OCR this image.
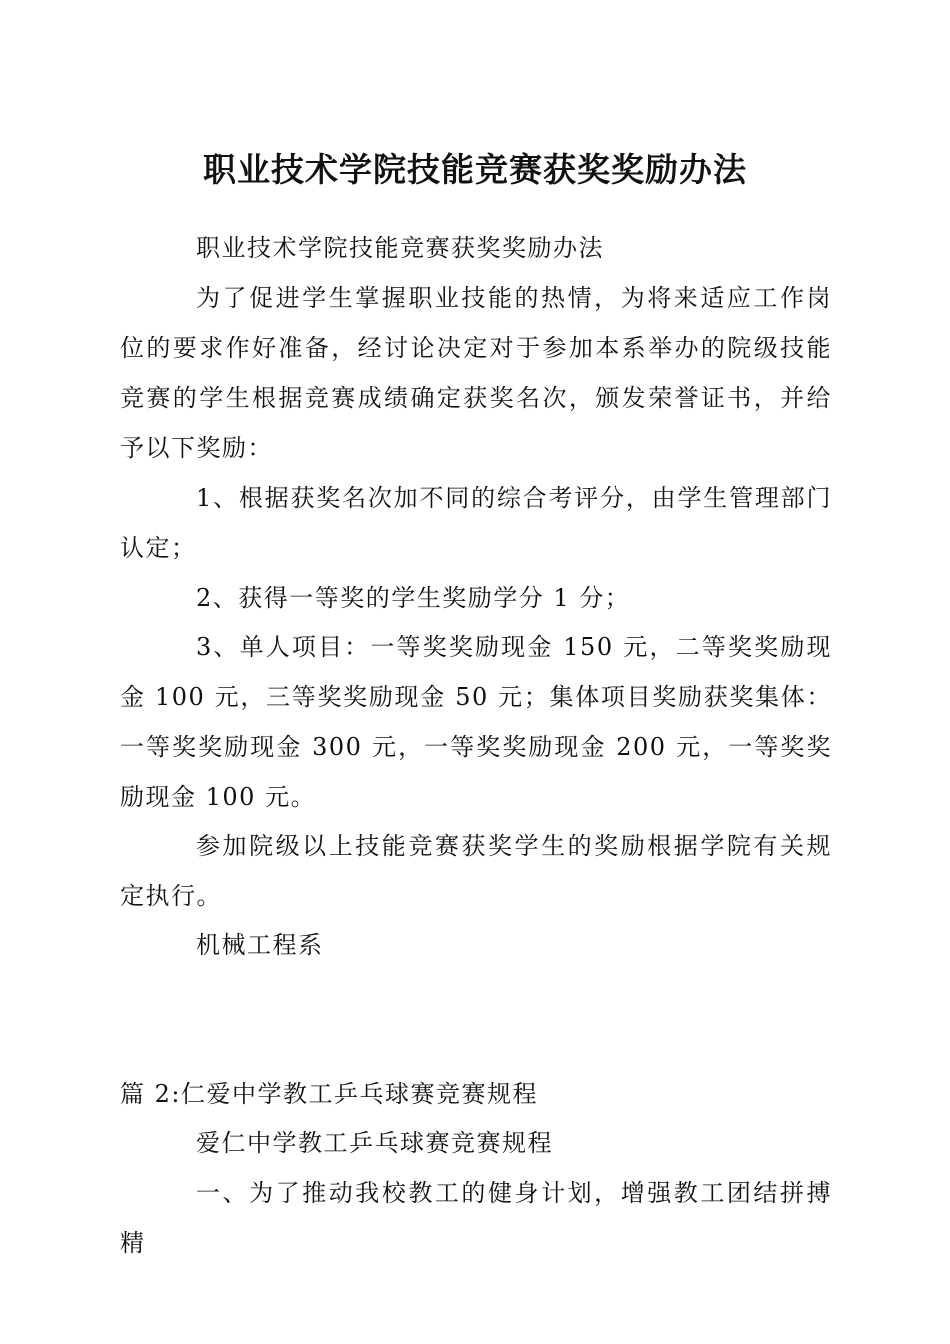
职业技术学院技能竞赛获奖奖励办法

职业技术学院技能竞赛获奖奖励办法

为了促进学生掌握职业技能的热情，为将来适应工作岗位的要求作好准备，经讨论决定对于参加本系举办的院级技能竞赛的学生根据竞赛成绩确定获奖名次，颁发荣誉证书，并给予以下奖励：

1、根据获奖名次加不同的综合考评分，由学生管理部门认定；

2、获得一等奖的学生奖励学分 1 分；

3、单人项目：一等奖奖励现金 150 元，二等奖奖励现金 100 元，三等奖奖励现金 50 元；集体项目奖励获奖集体：一等奖奖励现金 300 元，一等奖奖励现金 200 元，一等奖奖励现金 100 元。

参加院级以上技能竞赛获奖学生的奖励根据学院有关规定执行。

机械工程系

篇 2:仁爱中学教工乒乓球赛竞赛规程

爱仁中学教工乒乓球赛竞赛规程

一、为了推动我校教工的健身计划，增强教工团结拼搏精
